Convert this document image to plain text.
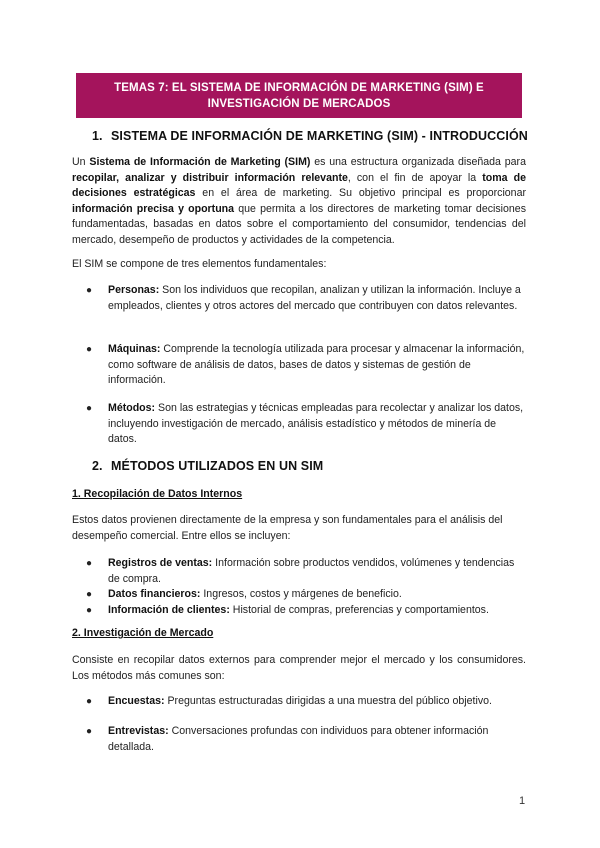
TEMAS 7: EL SISTEMA DE INFORMACIÓN DE MARKETING (SIM) E
INVESTIGACIÓN DE MERCADOS
1. SISTEMA DE INFORMACIÓN DE MARKETING (SIM) - INTRODUCCIÓN
Un Sistema de Información de Marketing (SIM) es una estructura organizada diseñada para recopilar, analizar y distribuir información relevante, con el fin de apoyar la toma de decisiones estratégicas en el área de marketing. Su objetivo principal es proporcionar información precisa y oportuna que permita a los directores de marketing tomar decisiones fundamentadas, basadas en datos sobre el comportamiento del consumidor, tendencias del mercado, desempeño de productos y actividades de la competencia.
El SIM se compone de tres elementos fundamentales:
● Personas: Son los individuos que recopilan, analizan y utilizan la información. Incluye a empleados, clientes y otros actores del mercado que contribuyen con datos relevantes.
● Máquinas: Comprende la tecnología utilizada para procesar y almacenar la información, como software de análisis de datos, bases de datos y sistemas de gestión de información.
● Métodos: Son las estrategias y técnicas empleadas para recolectar y analizar los datos, incluyendo investigación de mercado, análisis estadístico y métodos de minería de datos.
2. MÉTODOS UTILIZADOS EN UN SIM
1. Recopilación de Datos Internos
Estos datos provienen directamente de la empresa y son fundamentales para el análisis del desempeño comercial. Entre ellos se incluyen:
● Registros de ventas: Información sobre productos vendidos, volúmenes y tendencias de compra.
● Datos financieros: Ingresos, costos y márgenes de beneficio.
● Información de clientes: Historial de compras, preferencias y comportamientos.
2. Investigación de Mercado
Consiste en recopilar datos externos para comprender mejor el mercado y los consumidores. Los métodos más comunes son:
● Encuestas: Preguntas estructuradas dirigidas a una muestra del público objetivo.
● Entrevistas: Conversaciones profundas con individuos para obtener información detallada.
1
